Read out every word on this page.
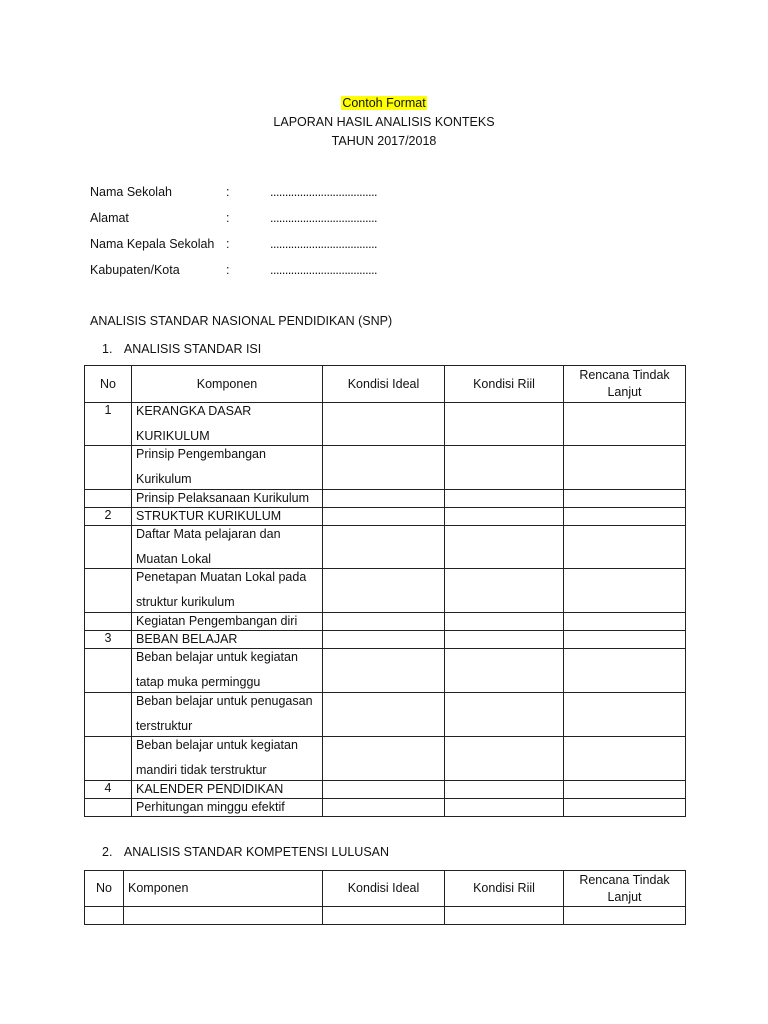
Contoh Format
LAPORAN HASIL ANALISIS KONTEKS
TAHUN 2017/2018
Nama Sekolah	:	....................................
Alamat	:	....................................
Nama Kepala Sekolah :	....................................
Kabupaten/Kota	:	....................................
ANALISIS STANDAR NASIONAL PENDIDIKAN (SNP)
1. ANALISIS STANDAR ISI
No	Komponen	Kondisi Ideal	Kondisi Riil	Rencana Tindak Lanjut
1	KERANGKA DASAR
KURIKULUM			

	Prinsip Pengembangan
Kurikulum			

	Prinsip Pelaksanaan Kurikulum			

2	STRUKTUR KURIKULUM			

	Daftar Mata pelajaran dan
Muatan Lokal			

	Penetapan Muatan Lokal pada
struktur kurikulum			

	Kegiatan Pengembangan diri			

3	BEBAN BELAJAR			

	Beban belajar untuk kegiatan
tatap muka perminggu			

	Beban belajar untuk penugasan
terstruktur			

	Beban belajar untuk kegiatan
mandiri tidak terstruktur			

4	KALENDER PENDIDIKAN			

	Perhitungan minggu efektif			

2. ANALISIS STANDAR KOMPETENSI LULUSAN
No	Komponen	Kondisi Ideal	Kondisi Riil	Rencana Tindak Lanjut
